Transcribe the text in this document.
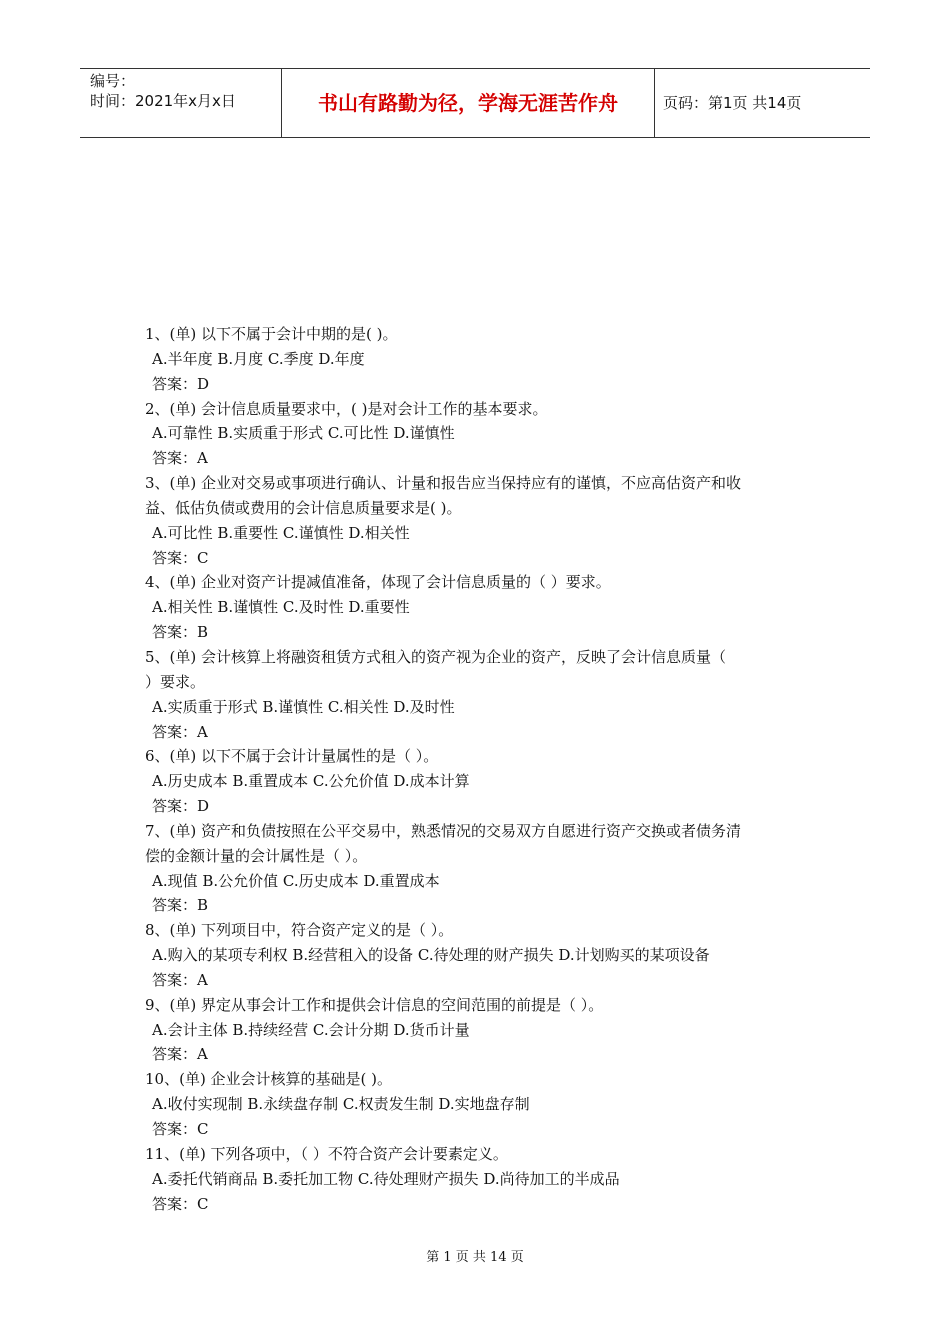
编号：
时间：2021年x月x日	书山有路勤为径，学海无涯苦作舟	页码：第1页 共14页
1、(单) 以下不属于会计中期的是( )。
A.半年度 B.月度 C.季度 D.年度
答案：D
2、(单) 会计信息质量要求中，( )是对会计工作的基本要求。
A.可靠性 B.实质重于形式 C.可比性 D.谨慎性
答案：A
3、(单) 企业对交易或事项进行确认、计量和报告应当保持应有的谨慎，不应高估资产和收
益、低估负债或费用的会计信息质量要求是( )。
A.可比性 B.重要性 C.谨慎性 D.相关性
答案：C
4、(单) 企业对资产计提减值准备，体现了会计信息质量的（ ）要求。
A.相关性 B.谨慎性 C.及时性 D.重要性
答案：B
5、(单) 会计核算上将融资租赁方式租入的资产视为企业的资产，反映了会计信息质量（
）要求。
A.实质重于形式 B.谨慎性 C.相关性 D.及时性
答案：A
6、(单) 以下不属于会计计量属性的是（ ）。
A.历史成本 B.重置成本 C.公允价值 D.成本计算
答案：D
7、(单) 资产和负债按照在公平交易中，熟悉情况的交易双方自愿进行资产交换或者债务清
偿的金额计量的会计属性是（ ）。
A.现值 B.公允价值 C.历史成本 D.重置成本
答案：B
8、(单) 下列项目中，符合资产定义的是（ ）。
A.购入的某项专利权 B.经营租入的设备 C.待处理的财产损失 D.计划购买的某项设备
答案：A
9、(单) 界定从事会计工作和提供会计信息的空间范围的前提是（ ）。
A.会计主体 B.持续经营 C.会计分期 D.货币计量
答案：A
10、(单) 企业会计核算的基础是( )。
A.收付实现制 B.永续盘存制 C.权责发生制 D.实地盘存制
答案：C
11、(单) 下列各项中，（ ）不符合资产会计要素定义。
A.委托代销商品 B.委托加工物 C.待处理财产损失 D.尚待加工的半成品
答案：C
第 1 页 共 14 页
